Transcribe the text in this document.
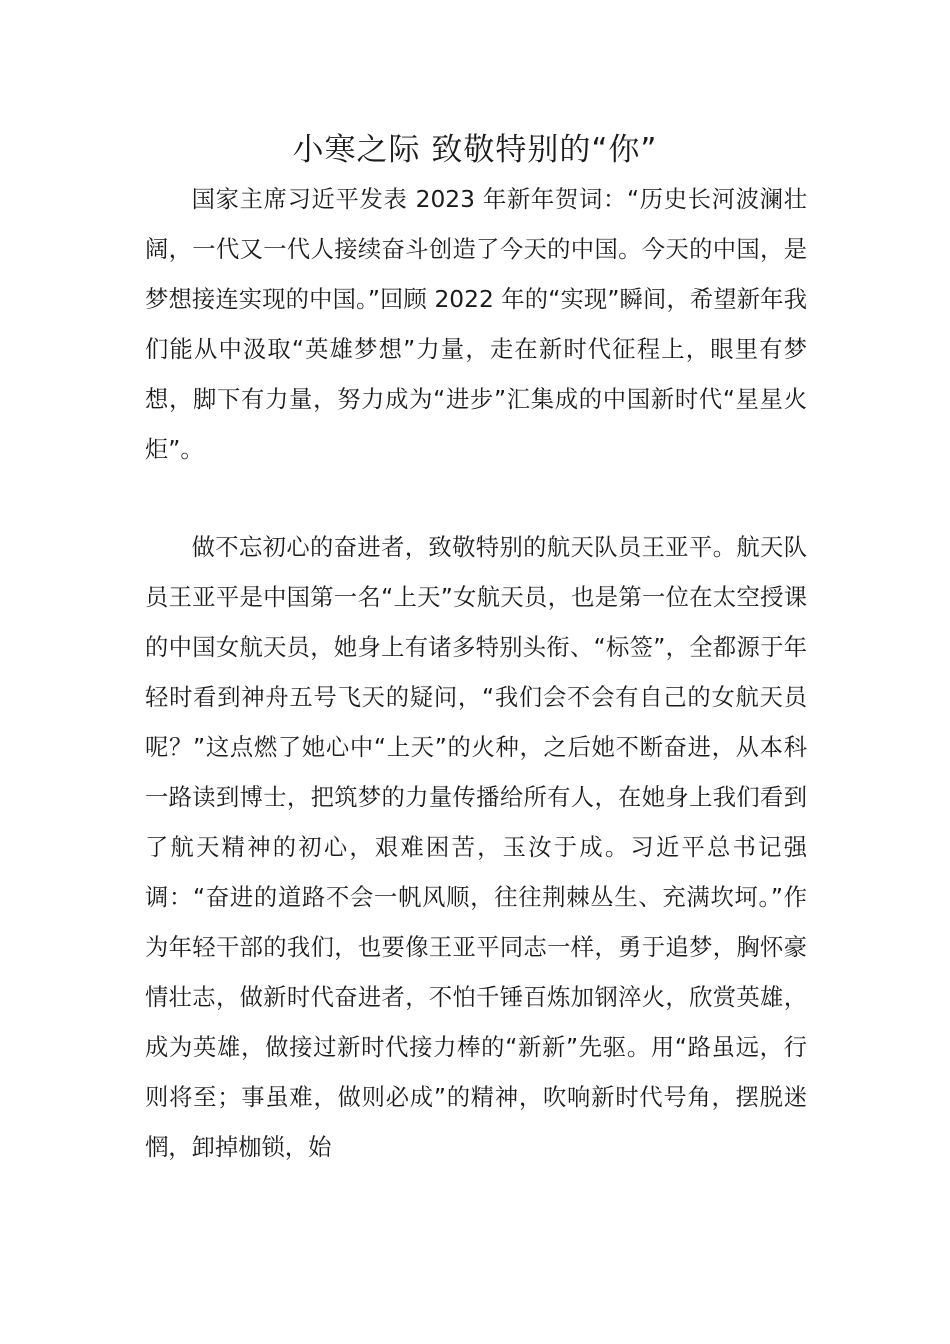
小寒之际 致敬特别的“你”

国家主席习近平发表 2023 年新年贺词：“历史长河波澜壮阔，一代又一代人接续奋斗创造了今天的中国。今天的中国，是梦想接连实现的中国。”回顾 2022 年的“实现”瞬间，希望新年我们能从中汲取“英雄梦想”力量，走在新时代征程上，眼里有梦想，脚下有力量，努力成为“进步”汇集成的中国新时代“星星火炬”。

做不忘初心的奋进者，致敬特别的航天队员王亚平。航天队员王亚平是中国第一名“上天”女航天员，也是第一位在太空授课的中国女航天员，她身上有诸多特别头衔、“标签”，全都源于年轻时看到神舟五号飞天的疑问，“我们会不会有自己的女航天员呢？”这点燃了她心中“上天”的火种，之后她不断奋进，从本科一路读到博士，把筑梦的力量传播给所有人，在她身上我们看到了航天精神的初心，艰难困苦，玉汝于成。习近平总书记强调：“奋进的道路不会一帆风顺，往往荆棘丛生、充满坎坷。”作为年轻干部的我们，也要像王亚平同志一样，勇于追梦，胸怀豪情壮志，做新时代奋进者，不怕千锤百炼加钢淬火，欣赏英雄，成为英雄，做接过新时代接力棒的“新新”先驱。用“路虽远，行则将至；事虽难，做则必成”的精神，吹响新时代号角，摆脱迷惘，卸掉枷锁，始
